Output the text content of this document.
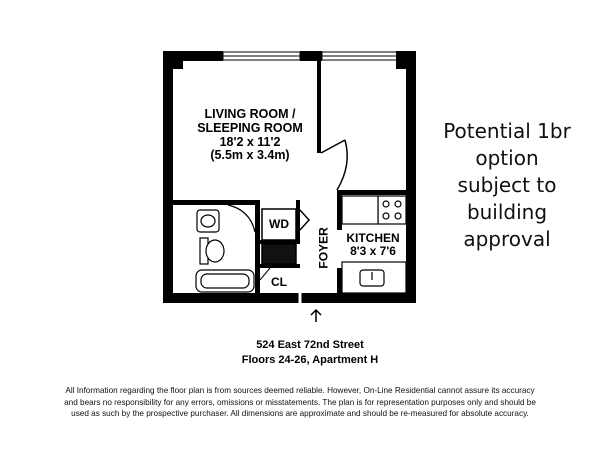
LIVING ROOM /
SLEEPING ROOM
18'2 x 11'2
(5.5m x 3.4m)
KITCHEN
8'3 x 7'6
FOYER
WD
CL
Potential 1br
option
subject to
building
approval
524 East 72nd Street
Floors 24-26, Apartment H
All Information regarding the floor plan is from sources deemed reliable. However, On-Line Residential cannot assure its accuracy
and bears no responsibility for any errors, omissions or misstatements. The plan is for representation purposes only and should be
used as such by the prospective purchaser. All dimensions are approximate and should be re-measured for absolute accuracy.
